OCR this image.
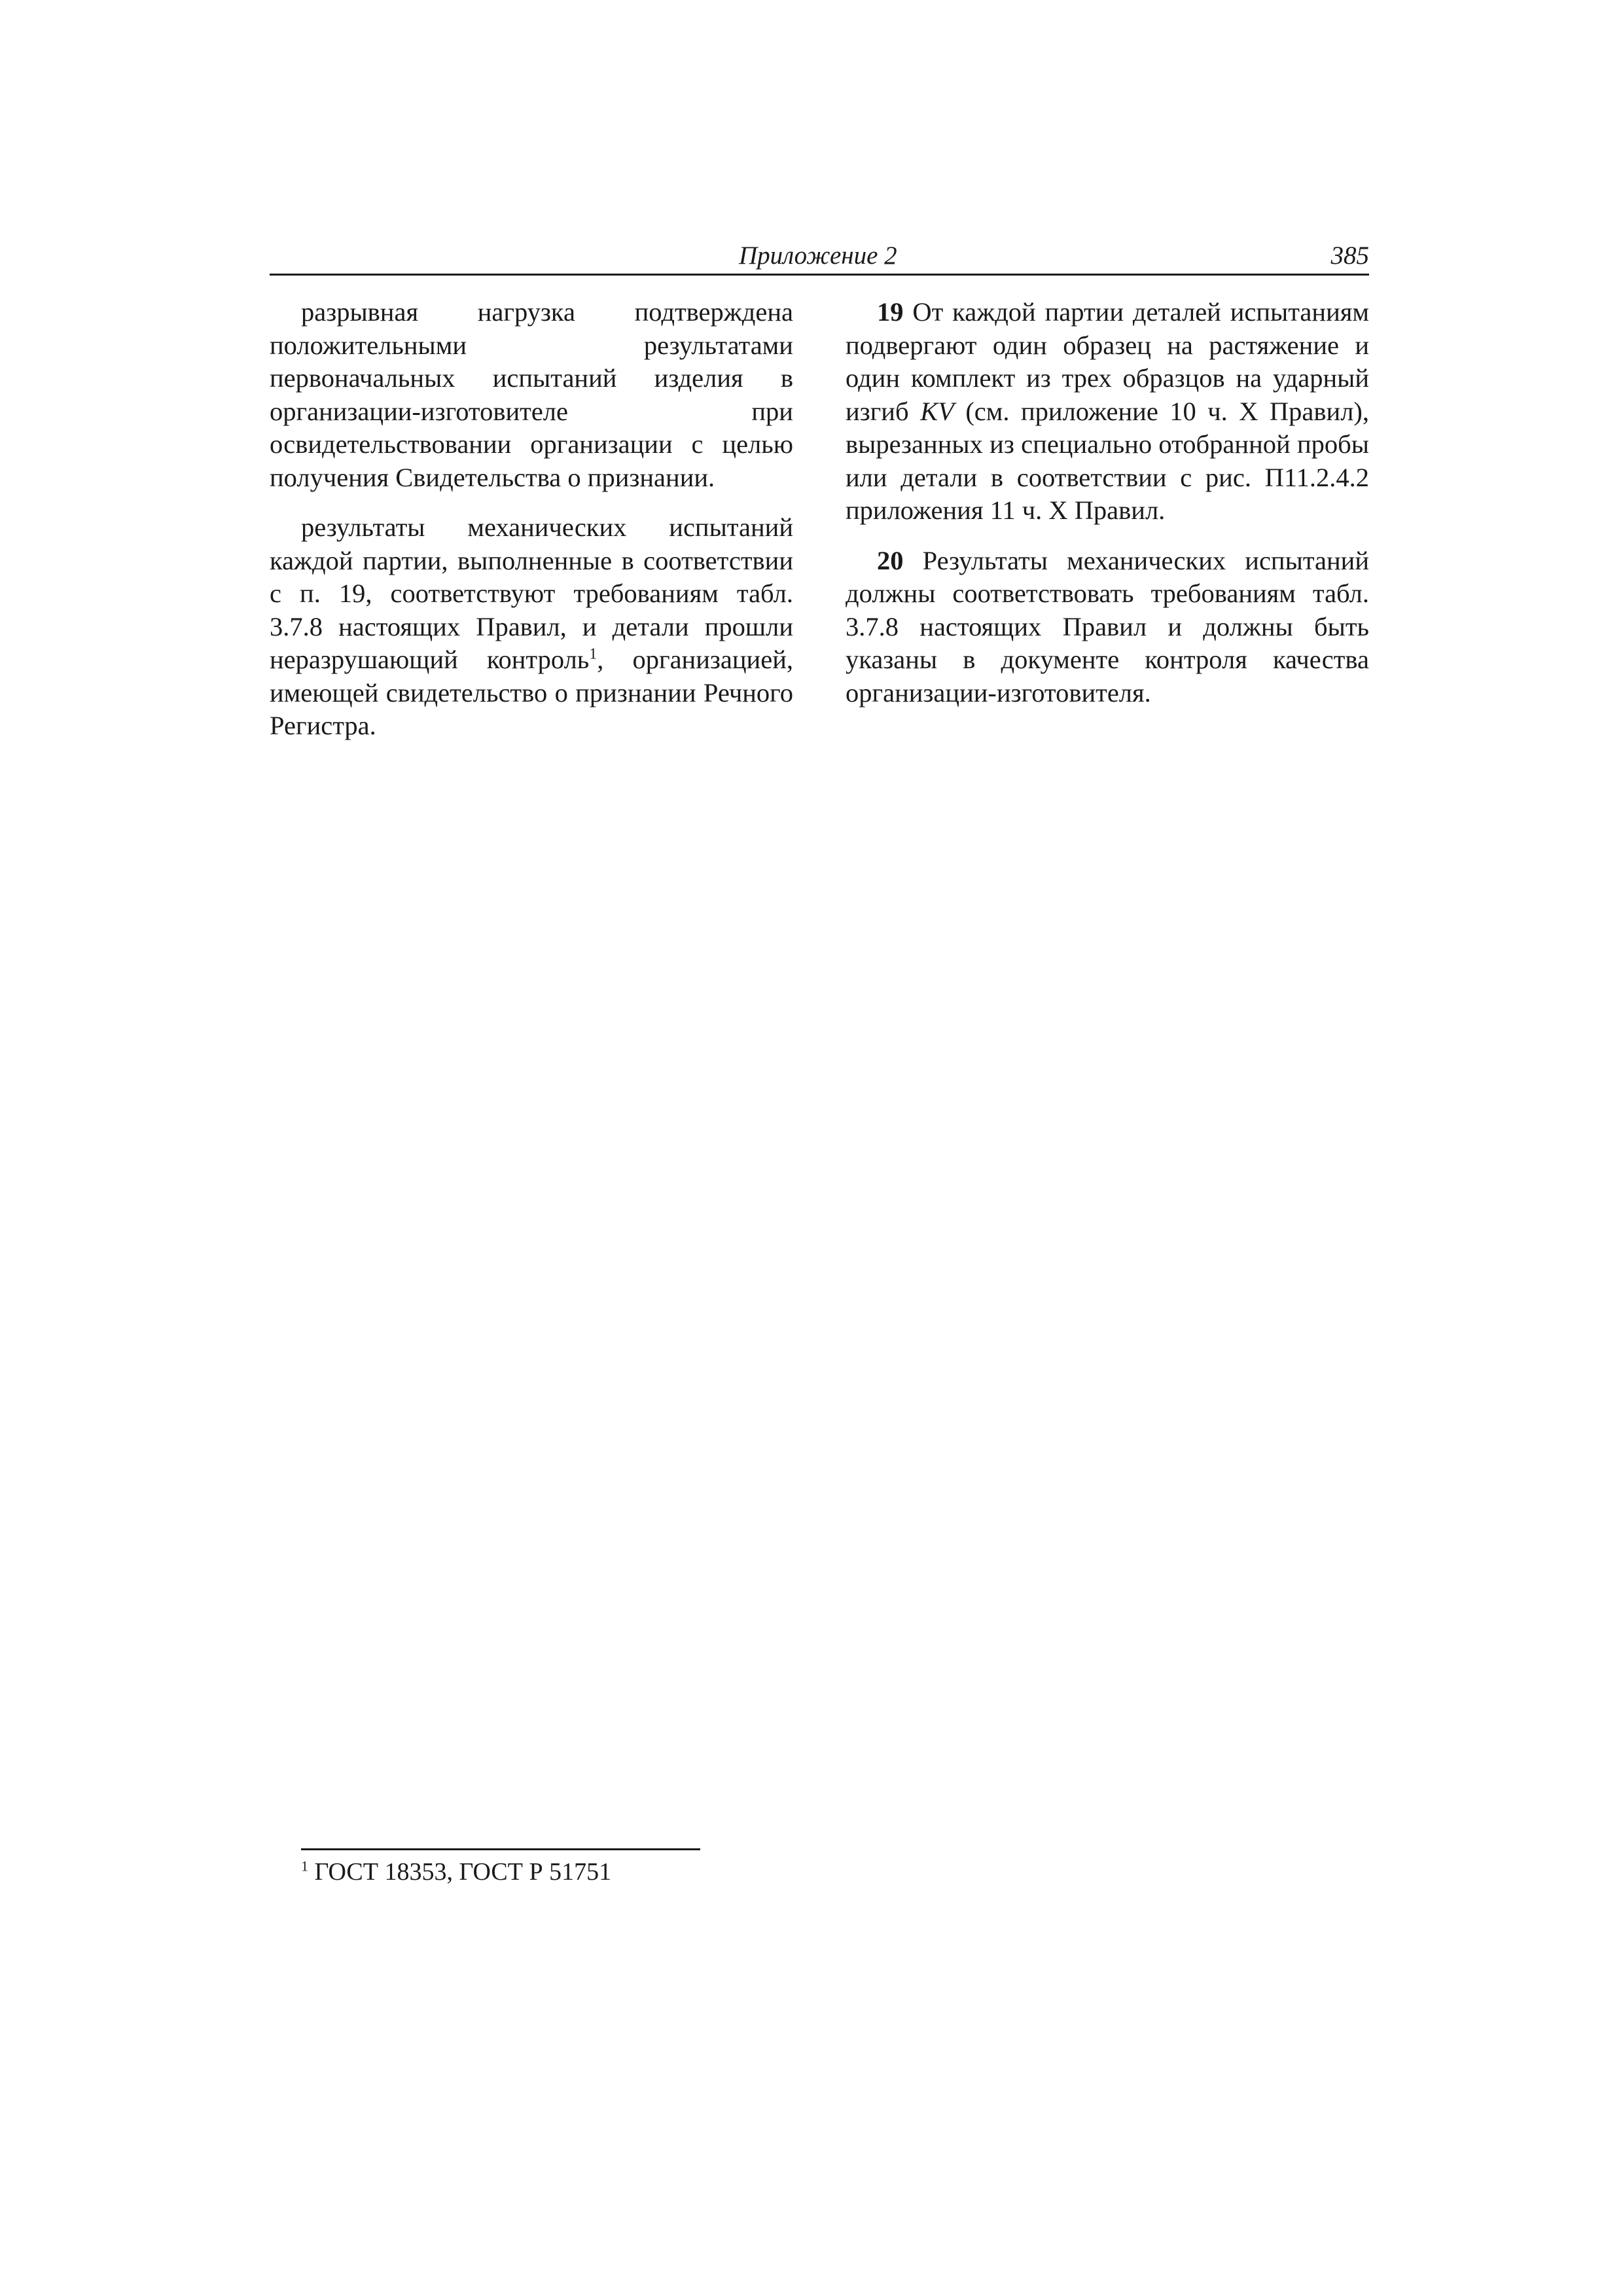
Приложение 2	385

разрывная нагрузка подтверждена положительными результатами первоначальных испытаний изделия в организации-изготовителе при освидетельствовании организации с целью получения Свидетельства о признании.

результаты механических испытаний каждой партии, выполненные в соответствии с п. 19, соответствуют требованиям табл. 3.7.8 настоящих Правил, и детали прошли неразрушающий контроль$^1$, организацией, имеющей свидетельство о признании Речного Регистра.

19 От каждой партии деталей испытаниям подвергают один образец на растяжение и один комплект из трех образцов на ударный изгиб KV (см. приложение 10 ч. X Правил), вырезанных из специально отобранной пробы или детали в соответствии с рис. П11.2.4.2 приложения 11 ч. X Правил.

20 Результаты механических испытаний должны соответствовать требованиям табл. 3.7.8 настоящих Правил и должны быть указаны в документе контроля качества организации-изготовителя.

$^1$ ГОСТ 18353, ГОСТ Р 51751
